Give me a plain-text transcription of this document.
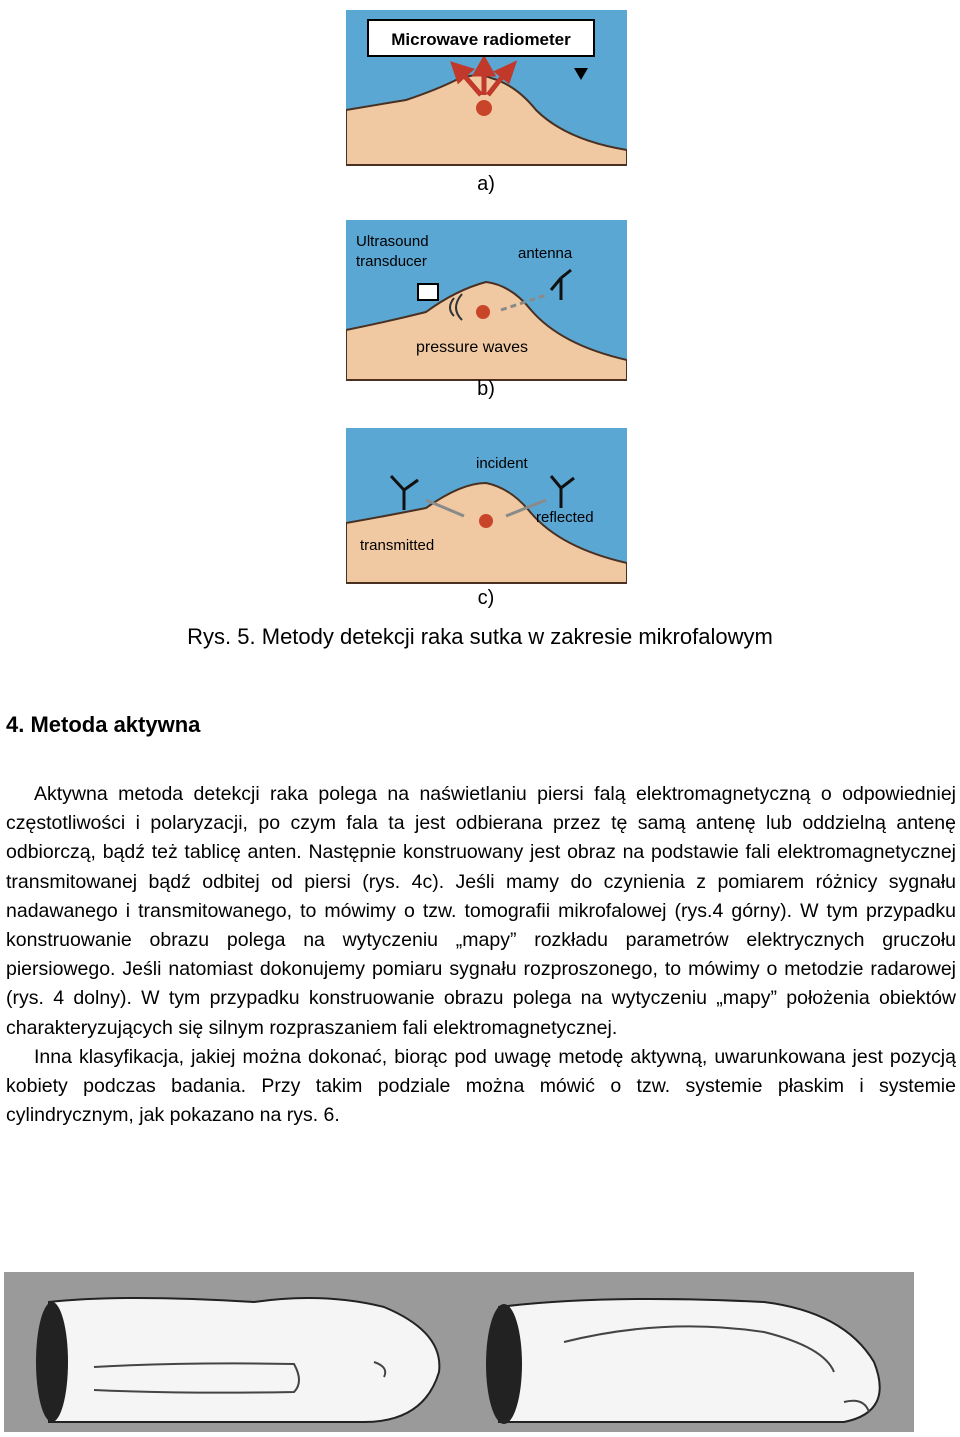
Microwave radiometer
a)
Ultrasound
transducer	antenna
pressure waves
b)
incident
reflected
transmitted
c)
Rys. 5. Metody detekcji raka sutka w zakresie mikrofalowym
4. Metoda aktywna

Aktywna metoda detekcji raka polega na naświetlaniu piersi falą elektromagnetyczną o odpowiedniej częstotliwości i polaryzacji, po czym fala ta jest odbierana przez tę samą antenę lub oddzielną antenę odbiorczą, bądź też tablicę anten. Następnie konstruowany jest obraz na podstawie fali elektromagnetycznej transmitowanej bądź odbitej od piersi (rys. 4c). Jeśli mamy do czynienia z pomiarem różnicy sygnału nadawanego i transmitowanego, to mówimy o tzw. tomografii mikrofalowej (rys.4 górny). W tym przypadku konstruowanie obrazu polega na wytyczeniu „mapy” rozkładu parametrów elektrycznych gruczołu piersiowego. Jeśli natomiast dokonujemy pomiaru sygnału rozproszonego, to mówimy o metodzie radarowej (rys. 4 dolny). W tym przypadku konstruowanie obrazu polega na wytyczeniu „mapy” położenia obiektów charakteryzujących się silnym rozpraszaniem fali elektromagnetycznej.

Inna klasyfikacja, jakiej można dokonać, biorąc pod uwagę metodę aktywną, uwarunkowana jest pozycją kobiety podczas badania. Przy takim podziale można mówić o tzw. systemie płaskim i systemie cylindrycznym, jak pokazano na rys. 6.
